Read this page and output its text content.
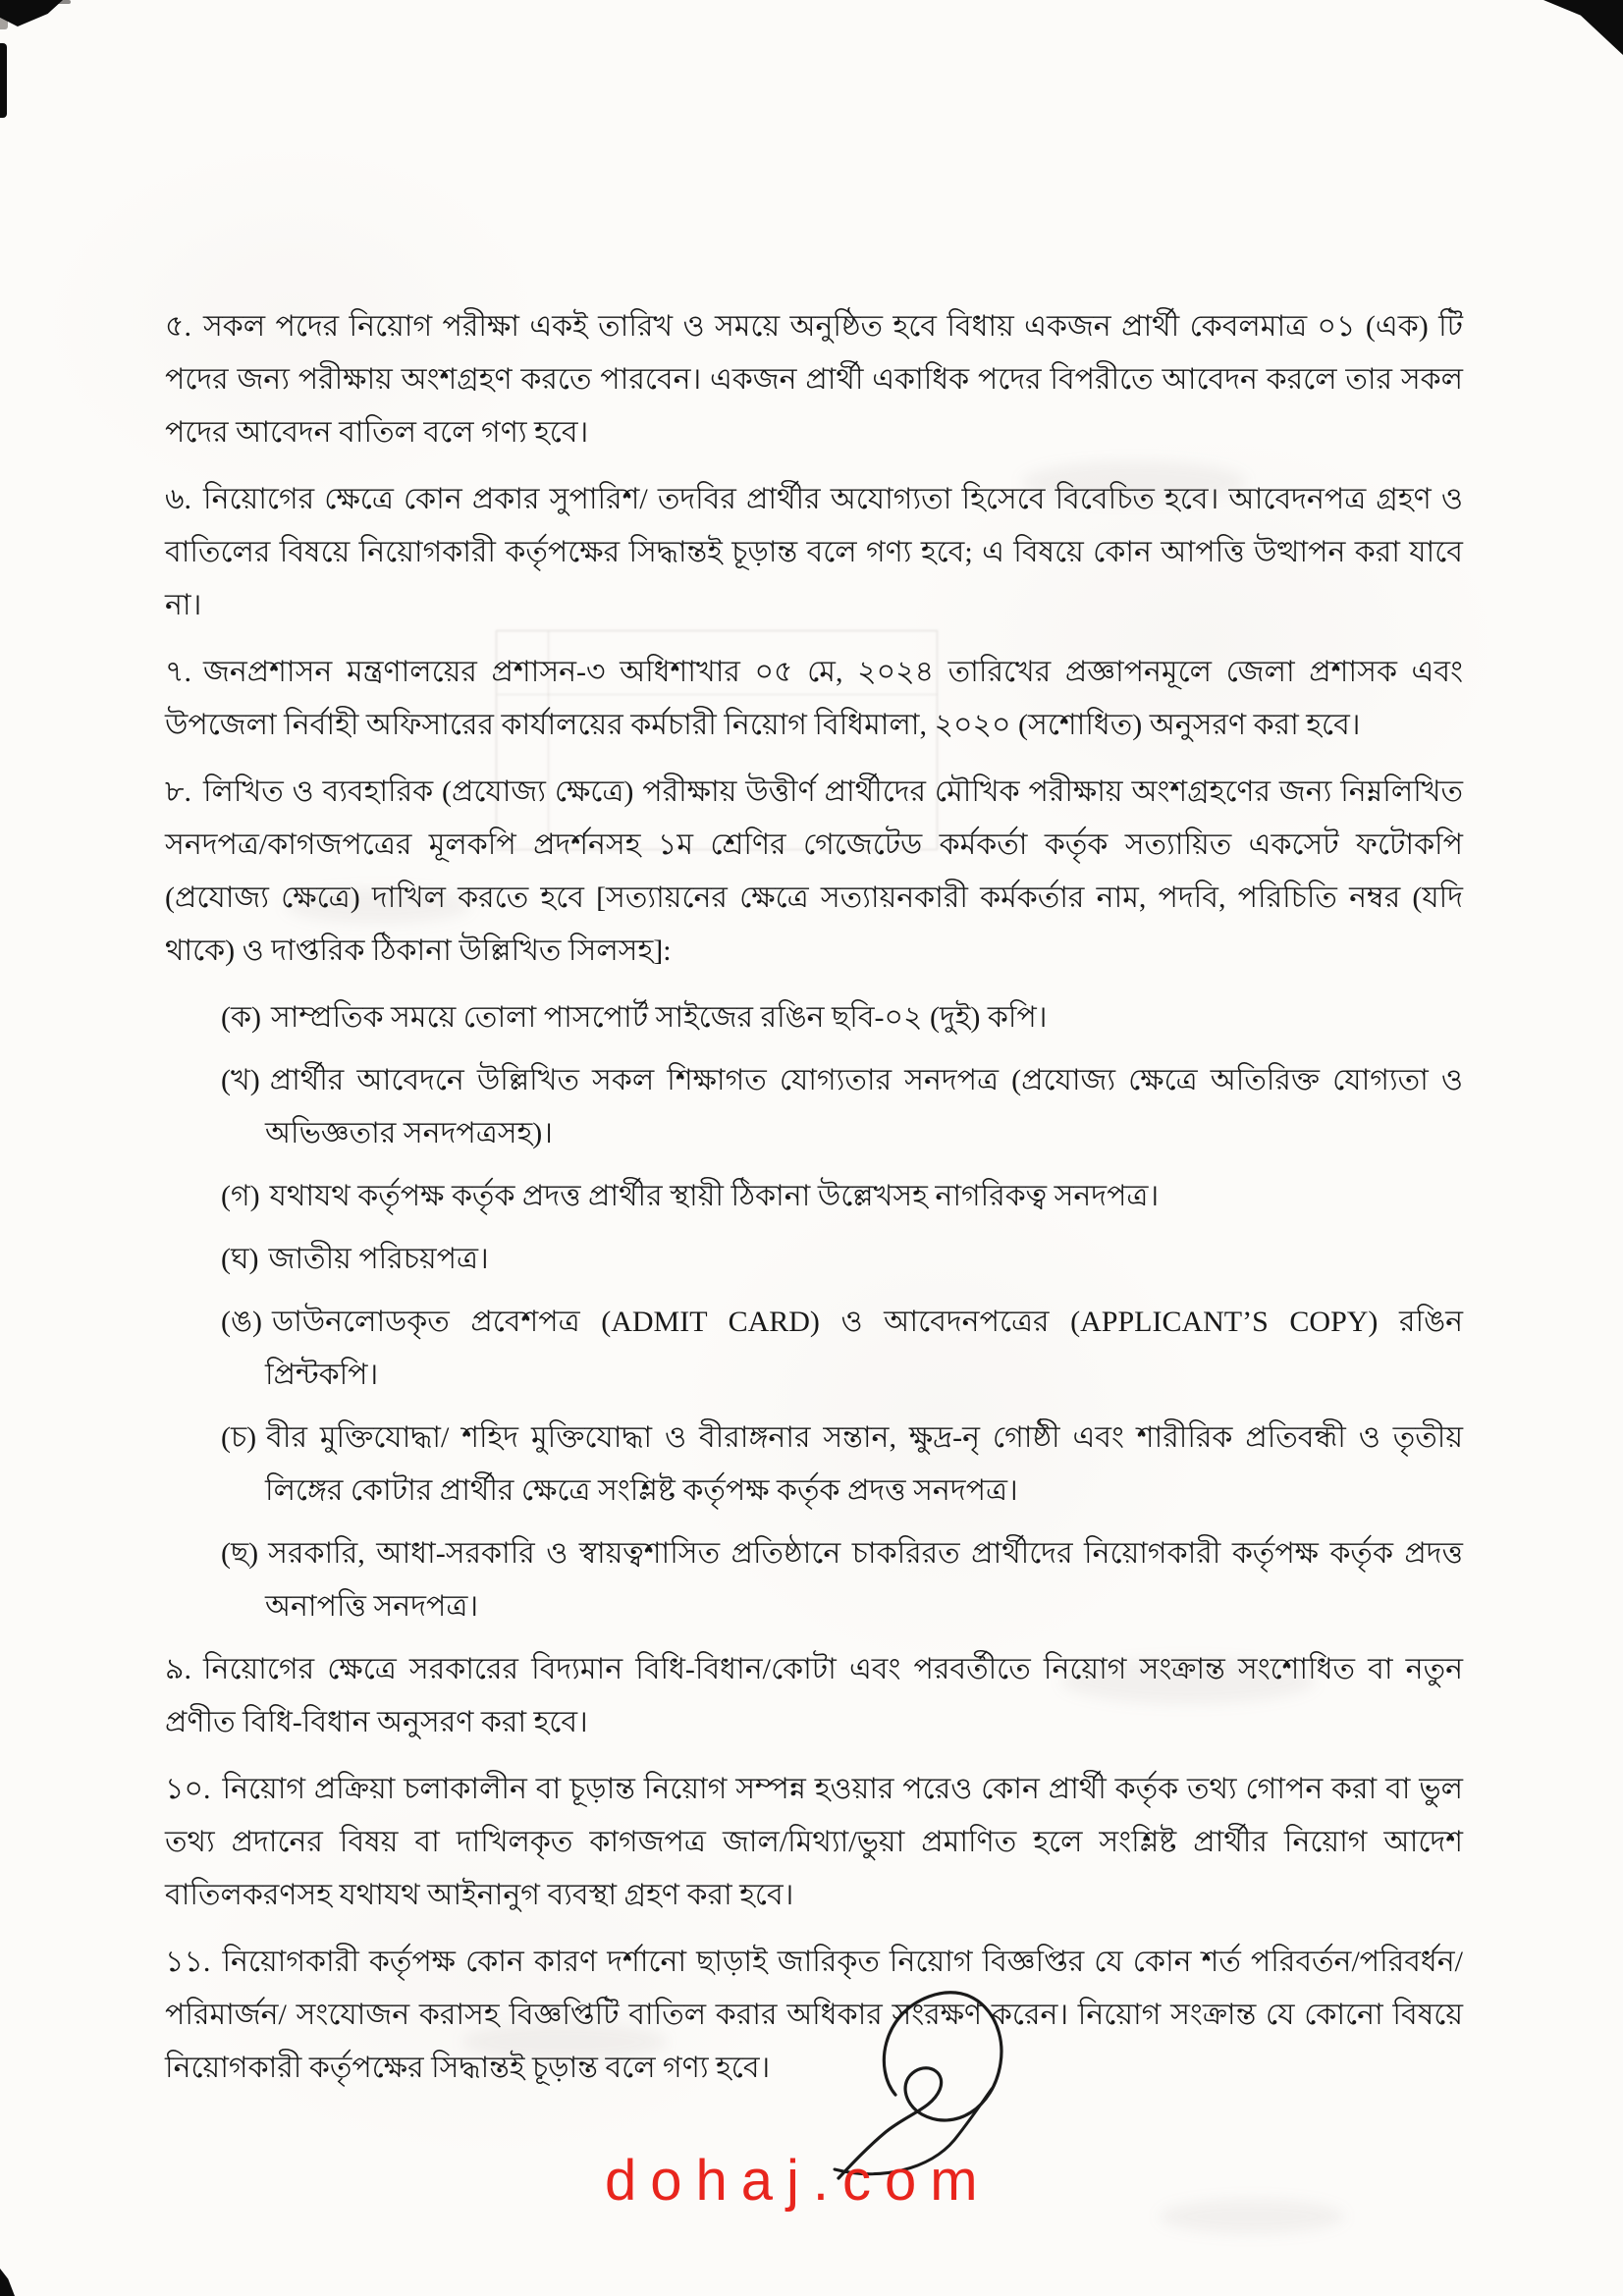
৫. সকল পদের নিয়োগ পরীক্ষা একই তারিখ ও সময়ে অনুষ্ঠিত হবে বিধায় একজন প্রার্থী কেবলমাত্র ০১ (এক) টি পদের জন্য পরীক্ষায় অংশগ্রহণ করতে পারবেন। একজন প্রার্থী একাধিক পদের বিপরীতে আবেদন করলে তার সকল পদের আবেদন বাতিল বলে গণ্য হবে।

৬. নিয়োগের ক্ষেত্রে কোন প্রকার সুপারিশ/ তদবির প্রার্থীর অযোগ্যতা হিসেবে বিবেচিত হবে। আবেদনপত্র গ্রহণ ও বাতিলের বিষয়ে নিয়োগকারী কর্তৃপক্ষের সিদ্ধান্তই চূড়ান্ত বলে গণ্য হবে; এ বিষয়ে কোন আপত্তি উত্থাপন করা যাবে না।

৭. জনপ্রশাসন মন্ত্রণালয়ের প্রশাসন-৩ অধিশাখার ০৫ মে, ২০২৪ তারিখের প্রজ্ঞাপনমূলে জেলা প্রশাসক এবং উপজেলা নির্বাহী অফিসারের কার্যালয়ের কর্মচারী নিয়োগ বিধিমালা, ২০২০ (সশোধিত) অনুসরণ করা হবে।

৮. লিখিত ও ব্যবহারিক (প্রযোজ্য ক্ষেত্রে) পরীক্ষায় উত্তীর্ণ প্রার্থীদের মৌখিক পরীক্ষায় অংশগ্রহণের জন্য নিম্নলিখিত সনদপত্র/কাগজপত্রের মূলকপি প্রদর্শনসহ ১ম শ্রেণির গেজেটেড কর্মকর্তা কর্তৃক সত্যায়িত একসেট ফটোকপি (প্রযোজ্য ক্ষেত্রে) দাখিল করতে হবে [সত্যায়নের ক্ষেত্রে সত্যায়নকারী কর্মকর্তার নাম, পদবি, পরিচিতি নম্বর (যদি থাকে) ও দাপ্তরিক ঠিকানা উল্লিখিত সিলসহ]:

(ক) সাম্প্রতিক সময়ে তোলা পাসপোর্ট সাইজের রঙিন ছবি-০২ (দুই) কপি।

(খ) প্রার্থীর আবেদনে উল্লিখিত সকল শিক্ষাগত যোগ্যতার সনদপত্র (প্রযোজ্য ক্ষেত্রে অতিরিক্ত যোগ্যতা ও অভিজ্ঞতার সনদপত্রসহ)।

(গ) যথাযথ কর্তৃপক্ষ কর্তৃক প্রদত্ত প্রার্থীর স্থায়ী ঠিকানা উল্লেখসহ নাগরিকত্ব সনদপত্র।

(ঘ) জাতীয় পরিচয়পত্র।

(ঙ) ডাউনলোডকৃত প্রবেশপত্র (ADMIT CARD) ও আবেদনপত্রের (APPLICANT’S COPY) রঙিন প্রিন্টকপি।

(চ) বীর মুক্তিযোদ্ধা/ শহিদ মুক্তিযোদ্ধা ও বীরাঙ্গনার সন্তান, ক্ষুদ্র-নৃ গোষ্ঠী এবং শারীরিক প্রতিবন্ধী ও তৃতীয় লিঙ্গের কোটার প্রার্থীর ক্ষেত্রে সংশ্লিষ্ট কর্তৃপক্ষ কর্তৃক প্রদত্ত সনদপত্র।

(ছ) সরকারি, আধা-সরকারি ও স্বায়ত্বশাসিত প্রতিষ্ঠানে চাকরিরত প্রার্থীদের নিয়োগকারী কর্তৃপক্ষ কর্তৃক প্রদত্ত অনাপত্তি সনদপত্র।

৯. নিয়োগের ক্ষেত্রে সরকারের বিদ্যমান বিধি-বিধান/কোটা এবং পরবর্তীতে নিয়োগ সংক্রান্ত সংশোধিত বা নতুন প্রণীত বিধি-বিধান অনুসরণ করা হবে।

১০. নিয়োগ প্রক্রিয়া চলাকালীন বা চূড়ান্ত নিয়োগ সম্পন্ন হওয়ার পরেও কোন প্রার্থী কর্তৃক তথ্য গোপন করা বা ভুল তথ্য প্রদানের বিষয় বা দাখিলকৃত কাগজপত্র জাল/মিথ্যা/ভুয়া প্রমাণিত হলে সংশ্লিষ্ট প্রার্থীর নিয়োগ আদেশ বাতিলকরণসহ যথাযথ আইনানুগ ব্যবস্থা গ্রহণ করা হবে।

১১. নিয়োগকারী কর্তৃপক্ষ কোন কারণ দর্শানো ছাড়াই জারিকৃত নিয়োগ বিজ্ঞপ্তির যে কোন শর্ত পরিবর্তন/পরিবর্ধন/পরিমার্জন/ সংযোজন করাসহ বিজ্ঞপ্তিটি বাতিল করার অধিকার সংরক্ষণ করেন। নিয়োগ সংক্রান্ত যে কোনো বিষয়ে নিয়োগকারী কর্তৃপক্ষের সিদ্ধান্তই চূড়ান্ত বলে গণ্য হবে।

dohaj.com
